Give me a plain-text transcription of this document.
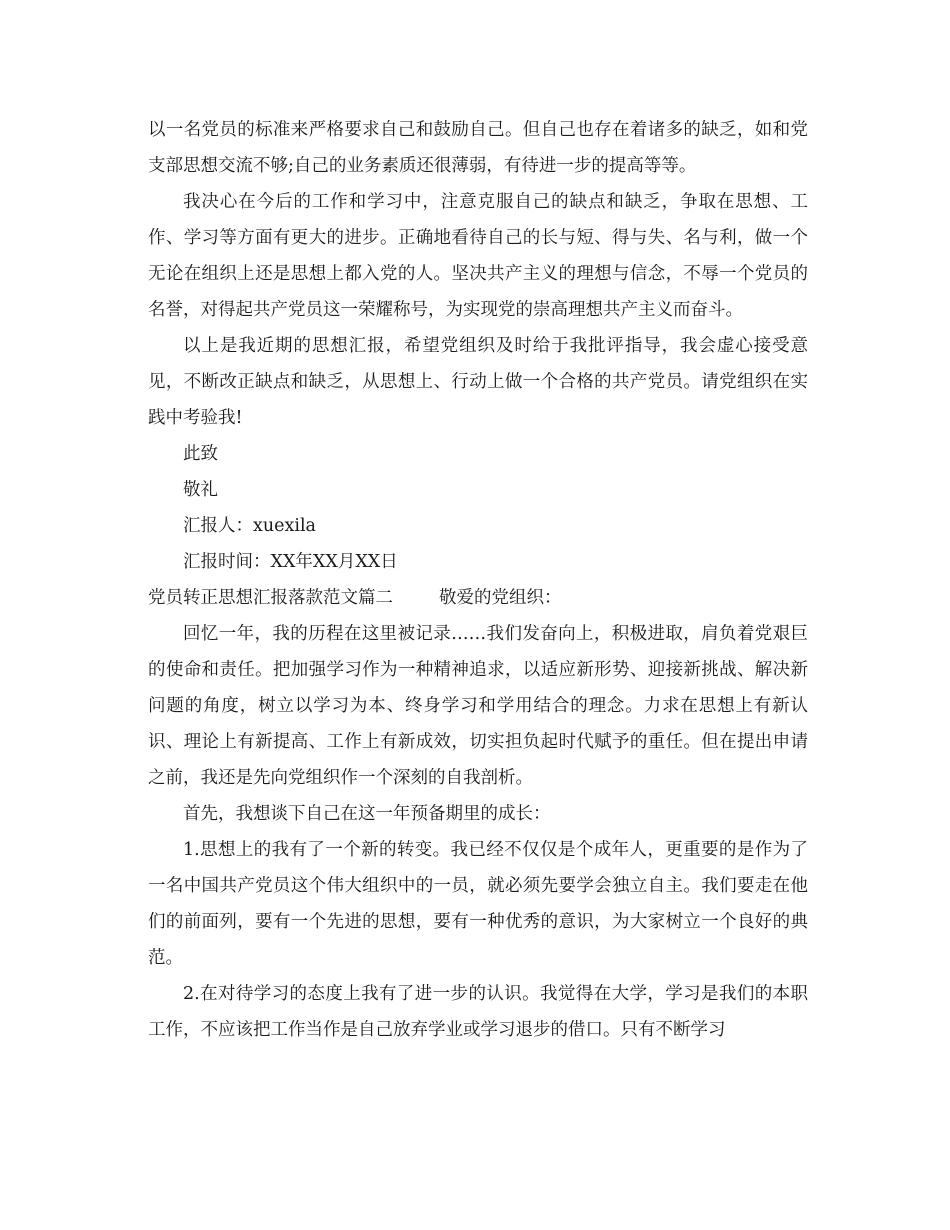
以一名党员的标准来严格要求自己和鼓励自己。但自己也存在着诸多的缺乏，如和党支部思想交流不够;自己的业务素质还很薄弱，有待进一步的提高等等。

我决心在今后的工作和学习中，注意克服自己的缺点和缺乏，争取在思想、工作、学习等方面有更大的进步。正确地看待自己的长与短、得与失、名与利，做一个无论在组织上还是思想上都入党的人。坚决共产主义的理想与信念，不辱一个党员的名誉，对得起共产党员这一荣耀称号，为实现党的崇高理想共产主义而奋斗。

以上是我近期的思想汇报，希望党组织及时给于我批评指导，我会虚心接受意见，不断改正缺点和缺乏，从思想上、行动上做一个合格的共产党员。请党组织在实践中考验我!

此致

敬礼

汇报人：xuexila

汇报时间：XX年XX月XX日

党员转正思想汇报落款范文篇二	敬爱的党组织：

回忆一年，我的历程在这里被记录……我们发奋向上，积极进取，肩负着党艰巨的使命和责任。把加强学习作为一种精神追求，以适应新形势、迎接新挑战、解决新问题的角度，树立以学习为本、终身学习和学用结合的理念。力求在思想上有新认识、理论上有新提高、工作上有新成效，切实担负起时代赋予的重任。但在提出申请之前，我还是先向党组织作一个深刻的自我剖析。

首先，我想谈下自己在这一年预备期里的成长：

1.思想上的我有了一个新的转变。我已经不仅仅是个成年人，更重要的是作为了一名中国共产党员这个伟大组织中的一员，就必须先要学会独立自主。我们要走在他们的前面列，要有一个先进的思想，要有一种优秀的意识，为大家树立一个良好的典范。

2.在对待学习的态度上我有了进一步的认识。我觉得在大学，学习是我们的本职工作，不应该把工作当作是自己放弃学业或学习退步的借口。只有不断学习
